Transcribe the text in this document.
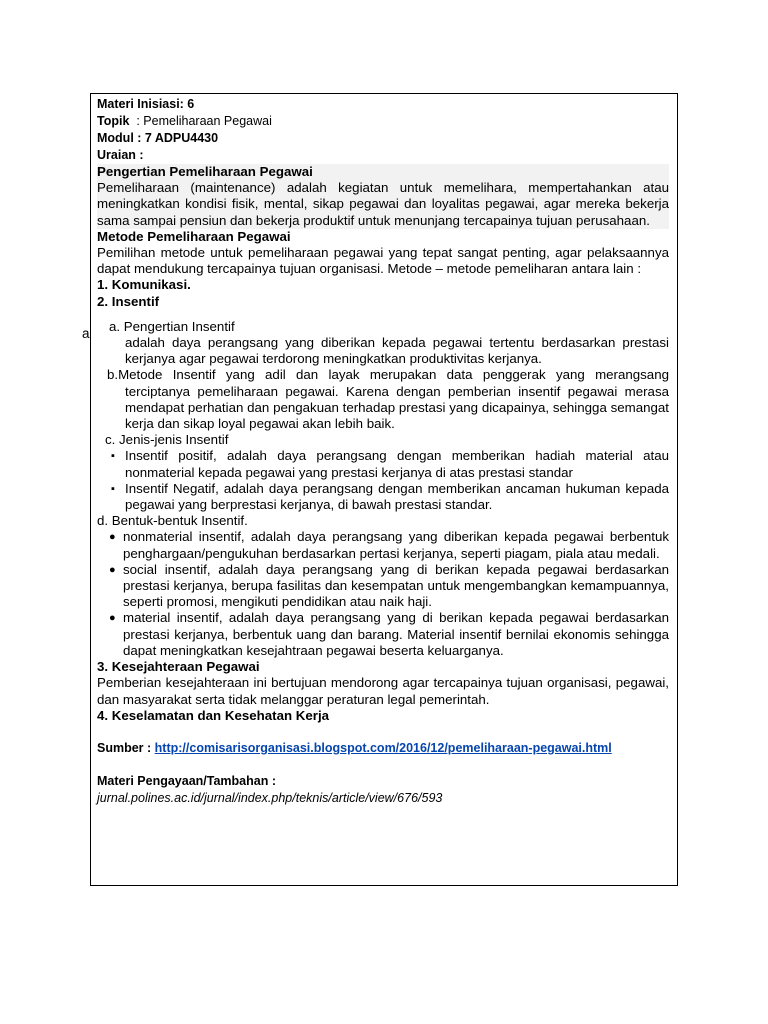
a

Materi Inisiasi: 6

Topik : Pemeliharaan Pegawai

Modul : 7 ADPU4430

Uraian :

Pengertian Pemeliharaan Pegawai

Pemeliharaan (maintenance) adalah kegiatan untuk memelihara, mempertahankan atau meningkatkan kondisi fisik, mental, sikap pegawai dan loyalitas pegawai, agar mereka bekerja sama sampai pensiun dan bekerja produktif untuk menunjang tercapainya tujuan perusahaan.

Metode Pemeliharaan Pegawai

Pemilihan metode untuk pemeliharaan pegawai yang tepat sangat penting, agar pelaksaannya dapat mendukung tercapainya tujuan organisasi. Metode – metode pemeliharan antara lain :

1. Komunikasi.

2. Insentif

a. Pengertian Insentif

adalah daya perangsang yang diberikan kepada pegawai tertentu berdasarkan prestasi kerjanya agar pegawai terdorong meningkatkan produktivitas kerjanya.

b.Metode Insentif yang adil dan layak merupakan data penggerak yang merangsang terciptanya pemeliharaan pegawai. Karena dengan pemberian insentif pegawai merasa mendapat perhatian dan pengakuan terhadap prestasi yang dicapainya, sehingga semangat kerja dan sikap loyal pegawai akan lebih baik.

c. Jenis-jenis Insentif

▪ Insentif positif, adalah daya perangsang dengan memberikan hadiah material atau nonmaterial kepada pegawai yang prestasi kerjanya di atas prestasi standar
▪ Insentif Negatif, adalah daya perangsang dengan memberikan ancaman hukuman kepada pegawai yang berprestasi kerjanya, di bawah prestasi standar.

d. Bentuk-bentuk Insentif.

● nonmaterial insentif, adalah daya perangsang yang diberikan kepada pegawai berbentuk penghargaan/pengukuhan berdasarkan pertasi kerjanya, seperti piagam, piala atau medali.
● social insentif, adalah daya perangsang yang di berikan kepada pegawai berdasarkan prestasi kerjanya, berupa fasilitas dan kesempatan untuk mengembangkan kemampuannya, seperti promosi, mengikuti pendidikan atau naik haji.
● material insentif, adalah daya perangsang yang di berikan kepada pegawai berdasarkan prestasi kerjanya, berbentuk uang dan barang. Material insentif bernilai ekonomis sehingga dapat meningkatkan kesejahtraan pegawai beserta keluarganya.

3. Kesejahteraan Pegawai

Pemberian kesejahteraan ini bertujuan mendorong agar tercapainya tujuan organisasi, pegawai, dan masyarakat serta tidak melanggar peraturan legal pemerintah.

4. Keselamatan dan Kesehatan Kerja

Sumber : http://comisarisorganisasi.blogspot.com/2016/12/pemeliharaan-pegawai.html

Materi Pengayaan/Tambahan :

jurnal.polines.ac.id/jurnal/index.php/teknis/article/view/676/593
